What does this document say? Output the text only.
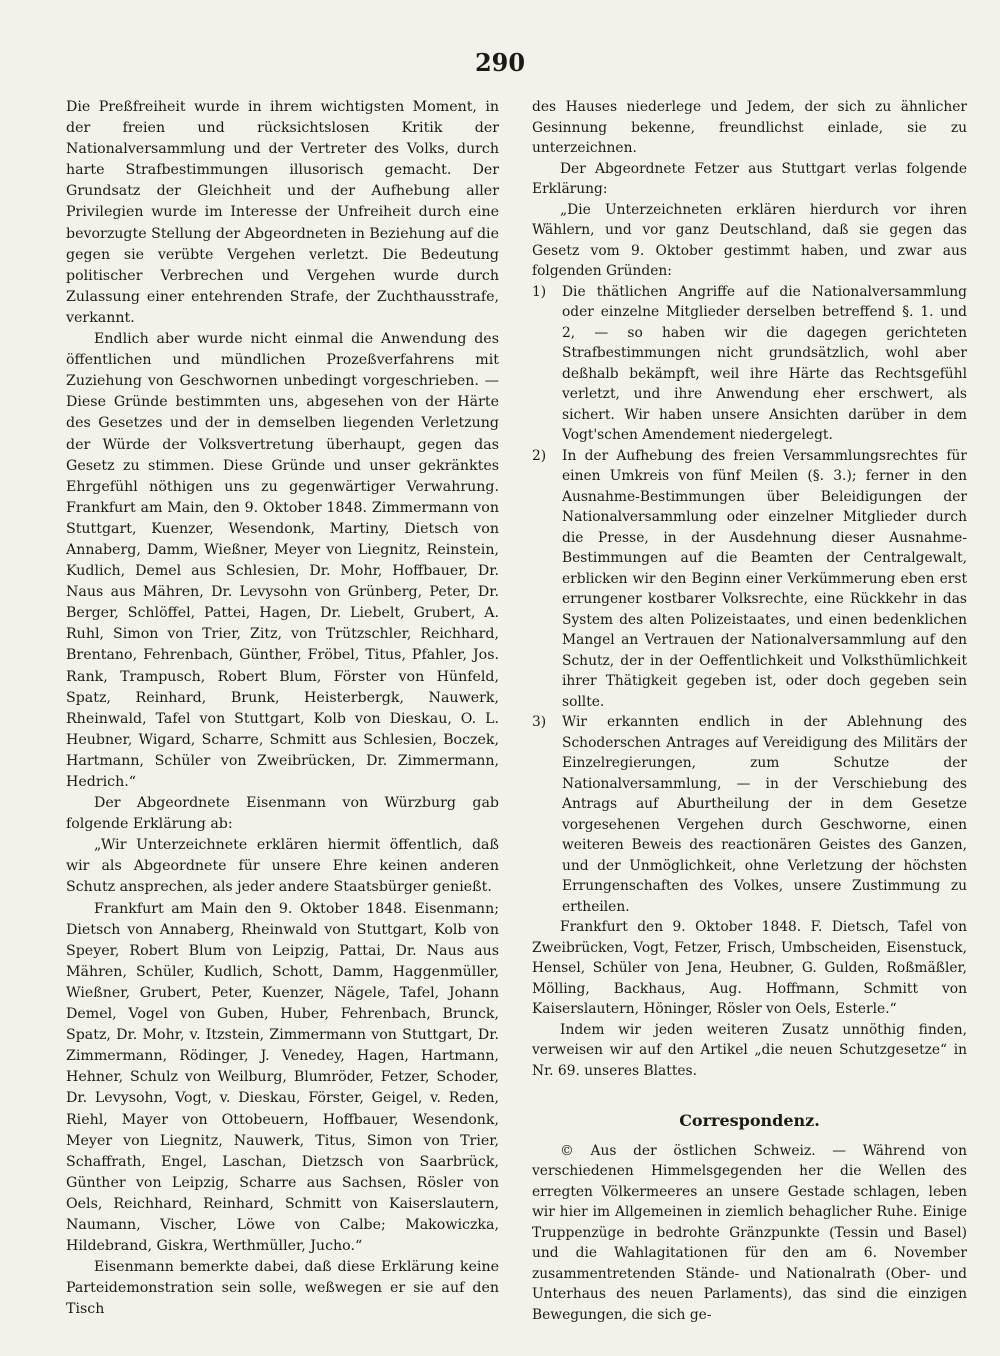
290

Die Preßfreiheit wurde in ihrem wichtigsten Moment, in der freien und rücksichtslosen Kritik der Nationalversammlung und der Vertreter des Volks, durch harte Strafbestimmungen illusorisch gemacht. Der Grundsatz der Gleichheit und der Aufhebung aller Privilegien wurde im Interesse der Unfreiheit durch eine bevorzugte Stellung der Abgeordneten in Beziehung auf die gegen sie verübte Vergehen verletzt. Die Bedeutung politischer Verbrechen und Vergehen wurde durch Zulassung einer entehrenden Strafe, der Zuchthausstrafe, verkannt.

Endlich aber wurde nicht einmal die Anwendung des öffentlichen und mündlichen Prozeßverfahrens mit Zuziehung von Geschwornen unbedingt vorgeschrieben. — Diese Gründe bestimmten uns, abgesehen von der Härte des Gesetzes und der in demselben liegenden Verletzung der Würde der Volksvertretung überhaupt, gegen das Gesetz zu stimmen. Diese Gründe und unser gekränktes Ehrgefühl nöthigen uns zu gegenwärtiger Verwahrung. Frankfurt am Main, den 9. Oktober 1848. Zimmermann von Stuttgart, Kuenzer, Wesendonk, Martiny, Dietsch von Annaberg, Damm, Wießner, Meyer von Liegnitz, Reinstein, Kudlich, Demel aus Schlesien, Dr. Mohr, Hoffbauer, Dr. Naus aus Mähren, Dr. Levysohn von Grünberg, Peter, Dr. Berger, Schlöffel, Pattei, Hagen, Dr. Liebelt, Grubert, A. Ruhl, Simon von Trier, Zitz, von Trützschler, Reichhard, Brentano, Fehrenbach, Günther, Fröbel, Titus, Pfahler, Jos. Rank, Trampusch, Robert Blum, Förster von Hünfeld, Spatz, Reinhard, Brunk, Heisterbergk, Nauwerk, Rheinwald, Tafel von Stuttgart, Kolb von Dieskau, O. L. Heubner, Wigard, Scharre, Schmitt aus Schlesien, Boczek, Hartmann, Schüler von Zweibrücken, Dr. Zimmermann, Hedrich.“

Der Abgeordnete Eisenmann von Würzburg gab folgende Erklärung ab:

„Wir Unterzeichnete erklären hiermit öffentlich, daß wir als Abgeordnete für unsere Ehre keinen anderen Schutz ansprechen, als jeder andere Staatsbürger genießt.

Frankfurt am Main den 9. Oktober 1848. Eisenmann; Dietsch von Annaberg, Rheinwald von Stuttgart, Kolb von Speyer, Robert Blum von Leipzig, Pattai, Dr. Naus aus Mähren, Schüler, Kudlich, Schott, Damm, Haggenmüller, Wießner, Grubert, Peter, Kuenzer, Nägele, Tafel, Johann Demel, Vogel von Guben, Huber, Fehrenbach, Brunck, Spatz, Dr. Mohr, v. Itzstein, Zimmermann von Stuttgart, Dr. Zimmermann, Rödinger, J. Venedey, Hagen, Hartmann, Hehner, Schulz von Weilburg, Blumröder, Fetzer, Schoder, Dr. Levysohn, Vogt, v. Dieskau, Förster, Geigel, v. Reden, Riehl, Mayer von Ottobeuern, Hoffbauer, Wesendonk, Meyer von Liegnitz, Nauwerk, Titus, Simon von Trier, Schaffrath, Engel, Laschan, Dietzsch von Saarbrück, Günther von Leipzig, Scharre aus Sachsen, Rösler von Oels, Reichhard, Reinhard, Schmitt von Kaiserslautern, Naumann, Vischer, Löwe von Calbe; Makowiczka, Hildebrand, Giskra, Werthmüller, Jucho.“

Eisenmann bemerkte dabei, daß diese Erklärung keine Parteidemonstration sein solle, weßwegen er sie auf den Tisch

des Hauses niederlege und Jedem, der sich zu ähnlicher Gesinnung bekenne, freundlichst einlade, sie zu unterzeichnen.

Der Abgeordnete Fetzer aus Stuttgart verlas folgende Erklärung:

„Die Unterzeichneten erklären hierdurch vor ihren Wählern, und vor ganz Deutschland, daß sie gegen das Gesetz vom 9. Oktober gestimmt haben, und zwar aus folgenden Gründen:

1) Die thätlichen Angriffe auf die Nationalversammlung oder einzelne Mitglieder derselben betreffend §. 1. und 2, — so haben wir die dagegen gerichteten Strafbestimmungen nicht grundsätzlich, wohl aber deßhalb bekämpft, weil ihre Härte das Rechtsgefühl verletzt, und ihre Anwendung eher erschwert, als sichert. Wir haben unsere Ansichten darüber in dem Vogt'schen Amendement niedergelegt.
2) In der Aufhebung des freien Versammlungsrechtes für einen Umkreis von fünf Meilen (§. 3.); ferner in den Ausnahme-Bestimmungen über Beleidigungen der Nationalversammlung oder einzelner Mitglieder durch die Presse, in der Ausdehnung dieser Ausnahme-Bestimmungen auf die Beamten der Centralgewalt, erblicken wir den Beginn einer Verkümmerung eben erst errungener kostbarer Volksrechte, eine Rückkehr in das System des alten Polizeistaates, und einen bedenklichen Mangel an Vertrauen der Nationalversammlung auf den Schutz, der in der Oeffentlichkeit und Volksthümlichkeit ihrer Thätigkeit gegeben ist, oder doch gegeben sein sollte.
3) Wir erkannten endlich in der Ablehnung des Schoderschen Antrages auf Vereidigung des Militärs der Einzelregierungen, zum Schutze der Nationalversammlung, — in der Verschiebung des Antrags auf Aburtheilung der in dem Gesetze vorgesehenen Vergehen durch Geschworne, einen weiteren Beweis des reactionären Geistes des Ganzen, und der Unmöglichkeit, ohne Verletzung der höchsten Errungenschaften des Volkes, unsere Zustimmung zu ertheilen.

Frankfurt den 9. Oktober 1848. F. Dietsch, Tafel von Zweibrücken, Vogt, Fetzer, Frisch, Umbscheiden, Eisenstuck, Hensel, Schüler von Jena, Heubner, G. Gulden, Roßmäßler, Mölling, Backhaus, Aug. Hoffmann, Schmitt von Kaiserslautern, Höninger, Rösler von Oels, Esterle.“

Indem wir jeden weiteren Zusatz unnöthig finden, verweisen wir auf den Artikel „die neuen Schutzgesetze“ in Nr. 69. unseres Blattes.

Correspondenz.

© Aus der östlichen Schweiz. — Während von verschiedenen Himmelsgegenden her die Wellen des erregten Völkermeeres an unsere Gestade schlagen, leben wir hier im Allgemeinen in ziemlich behaglicher Ruhe. Einige Truppenzüge in bedrohte Gränzpunkte (Tessin und Basel) und die Wahlagitationen für den am 6. November zusammentretenden Stände- und Nationalrath (Ober- und Unterhaus des neuen Parlaments), das sind die einzigen Bewegungen, die sich ge-
